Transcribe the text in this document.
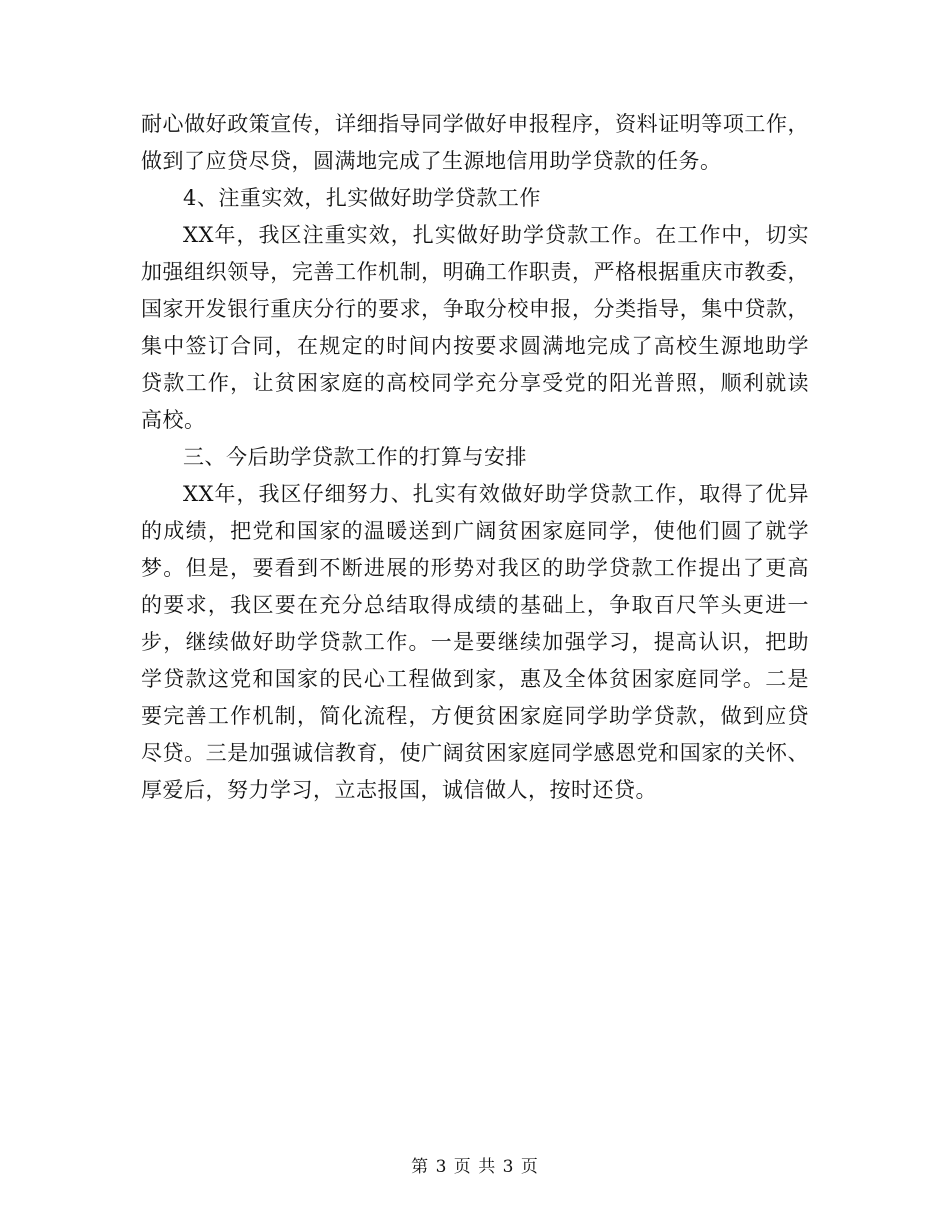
耐心做好政策宣传，详细指导同学做好申报程序，资料证明等项工作，
做到了应贷尽贷，圆满地完成了生源地信用助学贷款的任务。
4、注重实效，扎实做好助学贷款工作
XX年，我区注重实效，扎实做好助学贷款工作。在工作中，切实
加强组织领导，完善工作机制，明确工作职责，严格根据重庆市教委，
国家开发银行重庆分行的要求，争取分校申报，分类指导，集中贷款，
集中签订合同，在规定的时间内按要求圆满地完成了高校生源地助学
贷款工作，让贫困家庭的高校同学充分享受党的阳光普照，顺利就读
高校。
三、今后助学贷款工作的打算与安排
XX年，我区仔细努力、扎实有效做好助学贷款工作，取得了优异
的成绩，把党和国家的温暖送到广阔贫困家庭同学，使他们圆了就学
梦。但是，要看到不断进展的形势对我区的助学贷款工作提出了更高
的要求，我区要在充分总结取得成绩的基础上，争取百尺竿头更进一
步，继续做好助学贷款工作。一是要继续加强学习，提高认识，把助
学贷款这党和国家的民心工程做到家，惠及全体贫困家庭同学。二是
要完善工作机制，简化流程，方便贫困家庭同学助学贷款，做到应贷
尽贷。三是加强诚信教育，使广阔贫困家庭同学感恩党和国家的关怀、
厚爱后，努力学习，立志报国，诚信做人，按时还贷。
第 3 页 共 3 页
